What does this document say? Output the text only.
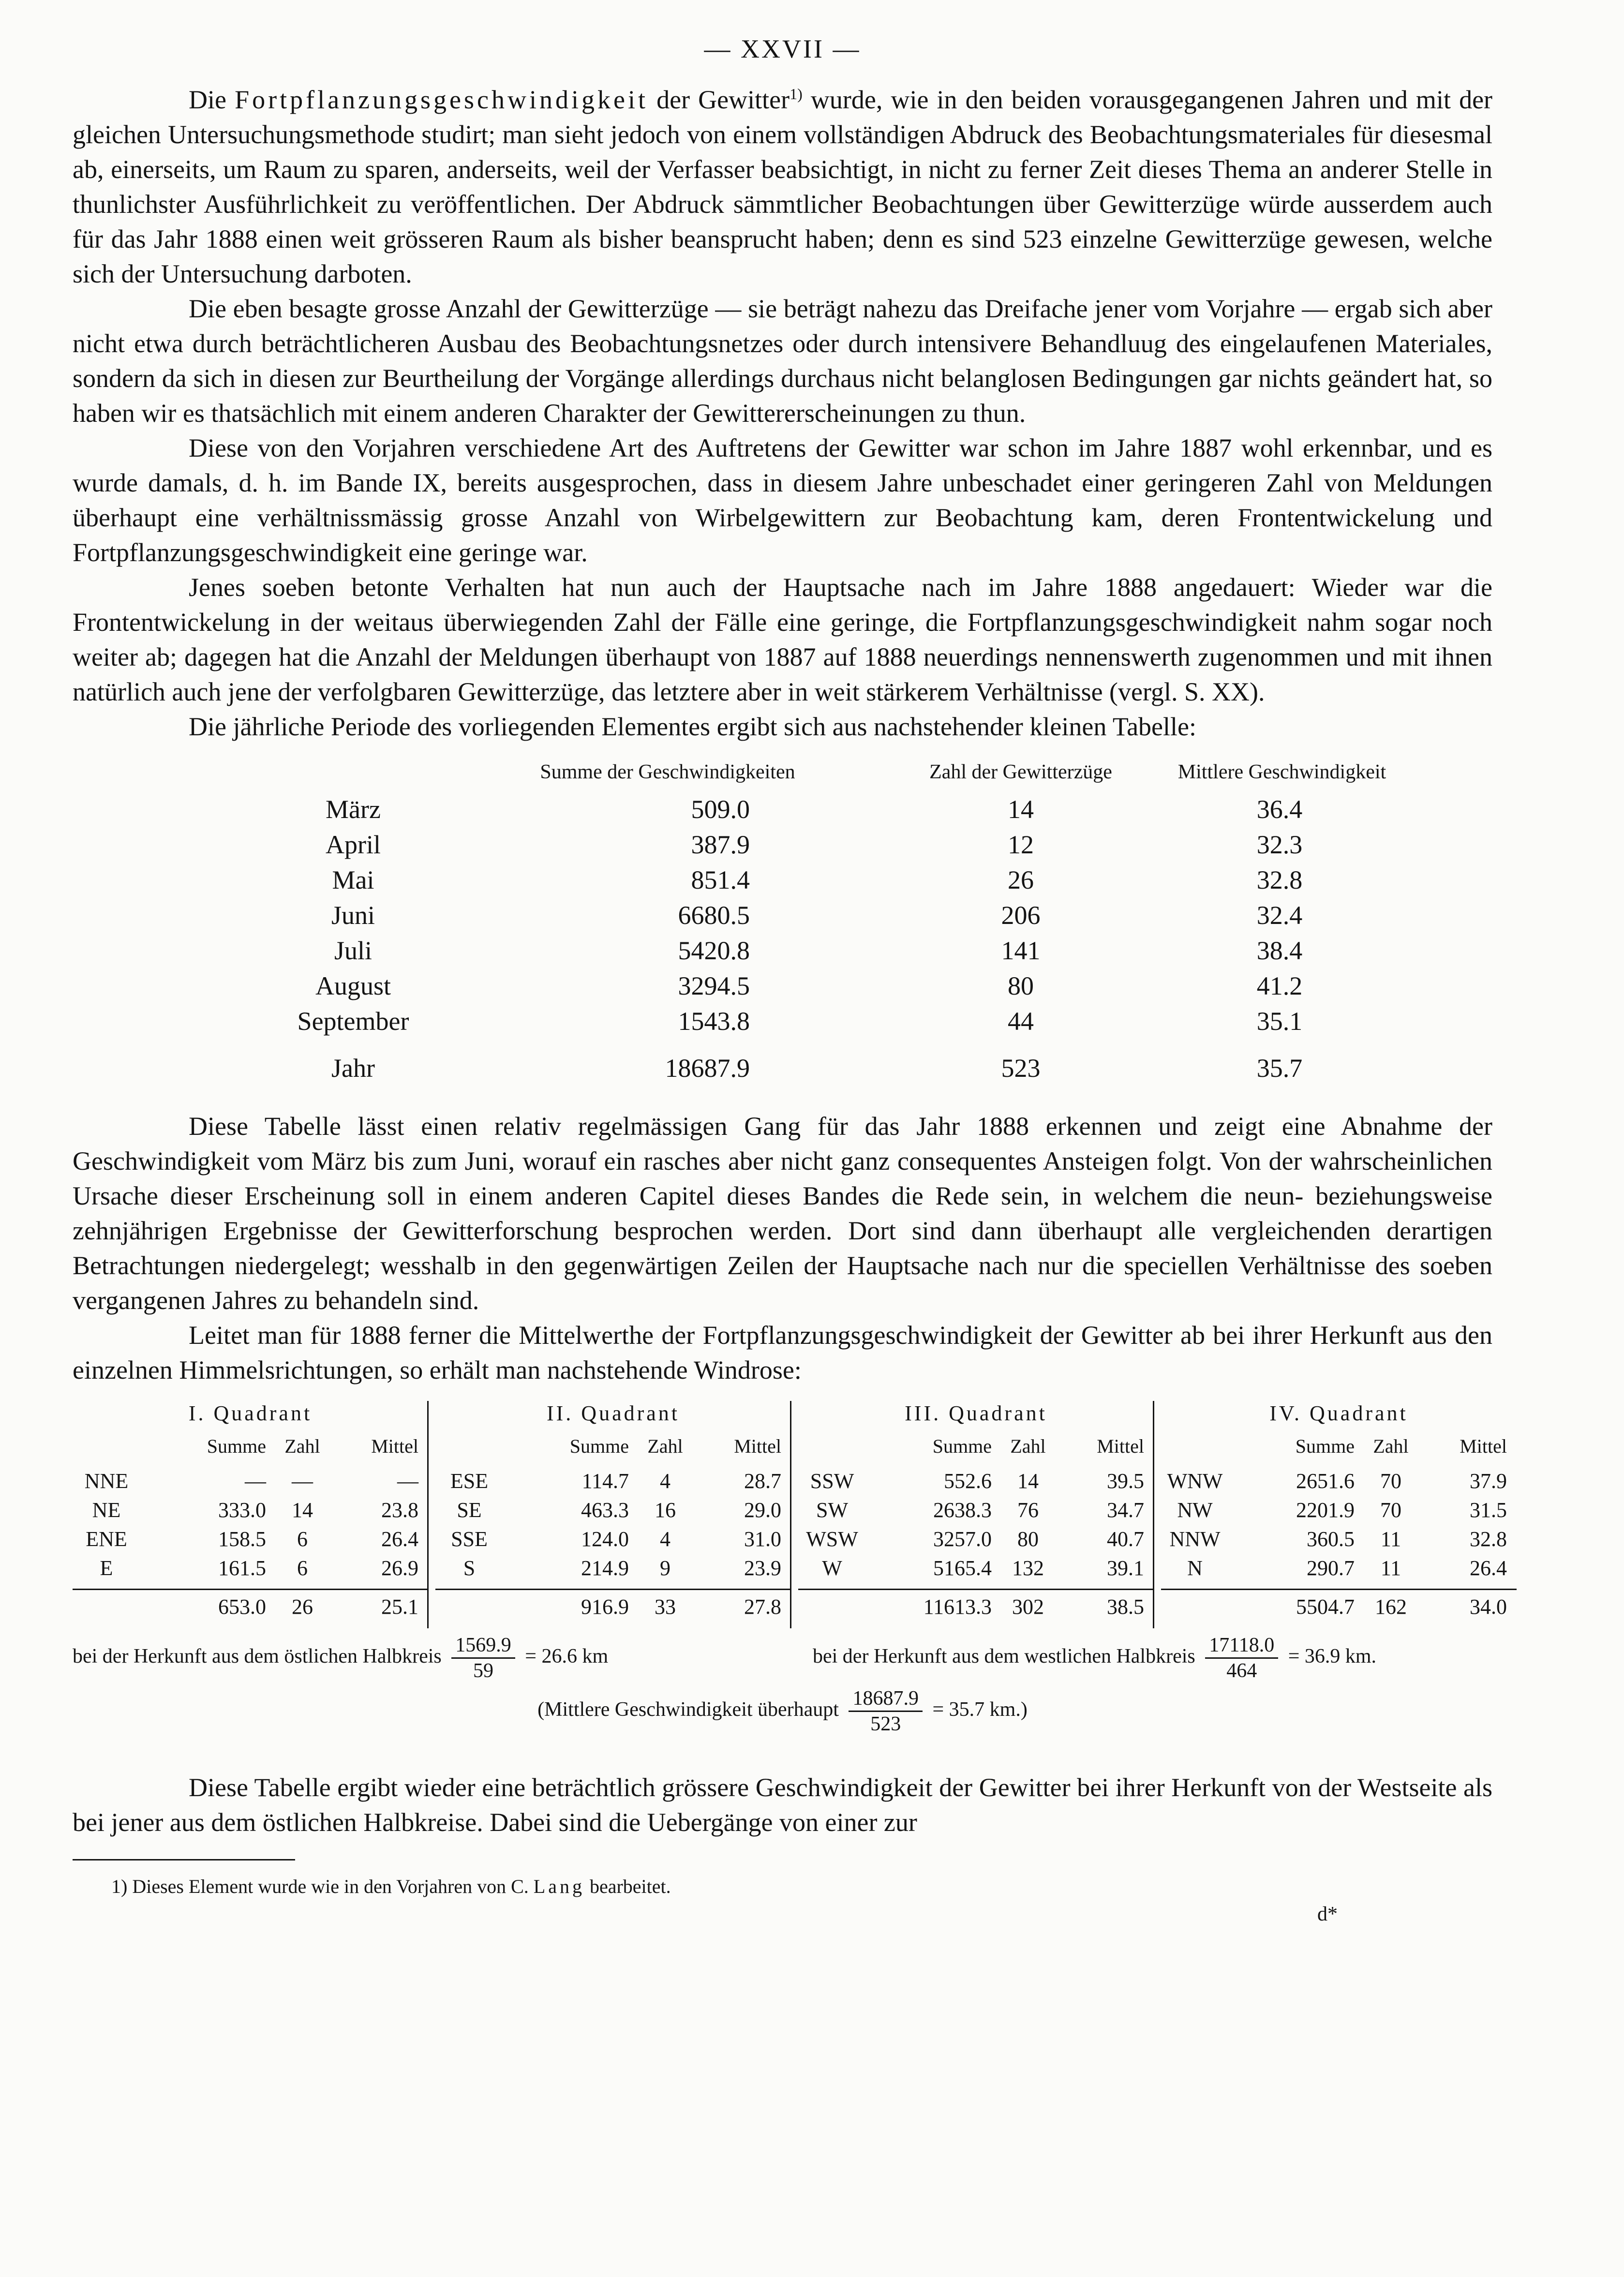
— XXVII —

Die Fortpflanzungsgeschwindigkeit der Gewitter$^{1)}$ wurde, wie in den beiden vorausgegangenen Jahren und mit der gleichen Untersuchungsmethode studirt; man sieht jedoch von einem vollständigen Abdruck des Beobachtungsmateriales für diesesmal ab, einerseits, um Raum zu sparen, anderseits, weil der Verfasser beabsichtigt, in nicht zu ferner Zeit dieses Thema an anderer Stelle in thunlichster Ausführlichkeit zu veröffentlichen. Der Abdruck sämmtlicher Beobachtungen über Gewitterzüge würde ausserdem auch für das Jahr 1888 einen weit grösseren Raum als bisher beansprucht haben; denn es sind 523 einzelne Gewitterzüge gewesen, welche sich der Untersuchung darboten.

Die eben besagte grosse Anzahl der Gewitterzüge — sie beträgt nahezu das Dreifache jener vom Vorjahre — ergab sich aber nicht etwa durch beträchtlicheren Ausbau des Beobachtungsnetzes oder durch intensivere Behandluug des eingelaufenen Materiales, sondern da sich in diesen zur Beurtheilung der Vorgänge allerdings durchaus nicht belanglosen Bedingungen gar nichts geändert hat, so haben wir es thatsächlich mit einem anderen Charakter der Gewittererscheinungen zu thun.

Diese von den Vorjahren verschiedene Art des Auftretens der Gewitter war schon im Jahre 1887 wohl erkennbar, und es wurde damals, d. h. im Bande IX, bereits ausgesprochen, dass in diesem Jahre unbeschadet einer geringeren Zahl von Meldungen überhaupt eine verhältnissmässig grosse Anzahl von Wirbelgewittern zur Beobachtung kam, deren Frontentwickelung und Fortpflanzungsgeschwindigkeit eine geringe war.

Jenes soeben betonte Verhalten hat nun auch der Hauptsache nach im Jahre 1888 angedauert: Wieder war die Frontentwickelung in der weitaus überwiegenden Zahl der Fälle eine geringe, die Fortpflanzungsgeschwindigkeit nahm sogar noch weiter ab; dagegen hat die Anzahl der Meldungen überhaupt von 1887 auf 1888 neuerdings nennenswerth zugenommen und mit ihnen natürlich auch jene der verfolgbaren Gewitterzüge, das letztere aber in weit stärkerem Verhältnisse (vergl. S. XX).

Die jährliche Periode des vorliegenden Elementes ergibt sich aus nachstehender kleinen Tabelle:

Summe der Geschwindigkeiten	Zahl der Gewitterzüge	Mittlere Geschwindigkeit
März	509.0	14	36.4
April	387.9	12	32.3
Mai	851.4	26	32.8
Juni	6680.5	206	32.4
Juli	5420.8	141	38.4
August	3294.5	80	41.2
September	1543.8	44	35.1
Jahr	18687.9	523	35.7

Diese Tabelle lässt einen relativ regelmässigen Gang für das Jahr 1888 erkennen und zeigt eine Abnahme der Geschwindigkeit vom März bis zum Juni, worauf ein rasches aber nicht ganz consequentes Ansteigen folgt. Von der wahrscheinlichen Ursache dieser Erscheinung soll in einem anderen Capitel dieses Bandes die Rede sein, in welchem die neun- beziehungsweise zehnjährigen Ergebnisse der Gewitterforschung besprochen werden. Dort sind dann überhaupt alle vergleichenden derartigen Betrachtungen niedergelegt; wesshalb in den gegenwärtigen Zeilen der Hauptsache nach nur die speciellen Verhältnisse des soeben vergangenen Jahres zu behandeln sind.

Leitet man für 1888 ferner die Mittelwerthe der Fortpflanzungsgeschwindigkeit der Gewitter ab bei ihrer Herkunft aus den einzelnen Himmelsrichtungen, so erhält man nachstehende Windrose:

bei der Herkunft aus dem östlichen Halbkreis $\frac{1569.9}{59} = 26.6$ km	bei der Herkunft aus dem westlichen Halbkreis $\frac{17118.0}{464} = 36.9$ km.
I. Quadrant
Summe Zahl	Mittel
NNE	—	—	—
NE	333.0	14	23.8
ENE	158.5	6	26.4
E	161.5	6	26.9
653.0	26	25.1
II. Quadrant
Summe Zahl	Mittel
ESE	114.7	4	28.7
SE	463.3	16	29.0
SSE	124.0	4	31.0
S	214.9	9	23.9
916.9	33	27.8
III. Quadrant
Summe Zahl	Mittel
SSW	552.6	14	39.5
SW	2638.3	76	34.7
WSW	3257.0	80	40.7
W	5165.4 132	39.1
11613.3 302	38.5
IV. Quadrant
Summe Zahl	Mittel
WNW	2651.6	70	37.9
NW	2201.9	70	31.5
NNW	360.5	11	32.8
N	290.7	11	26.4
5504.7 162	34.0
(Mittlere Geschwindigkeit überhaupt $\frac{18687.9}{523} = 35.7$ km.)

Diese Tabelle ergibt wieder eine beträchtlich grössere Geschwindigkeit der Gewitter bei ihrer Herkunft von der Westseite als bei jener aus dem östlichen Halbkreise. Dabei sind die Uebergänge von einer zur

1) Dieses Element wurde wie in den Vorjahren von C. Lang bearbeitet.
d*
